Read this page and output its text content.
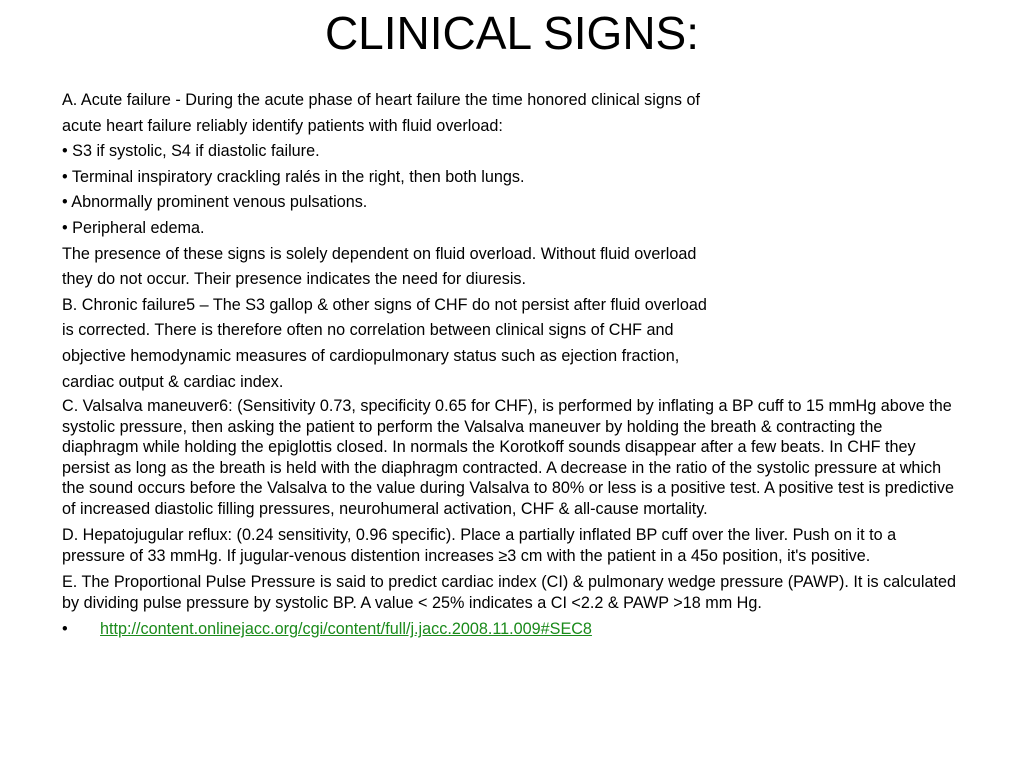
CLINICAL SIGNS:

A. Acute failure - During the acute phase of heart failure the time honored clinical signs of

acute heart failure reliably identify patients with fluid overload:

• S3 if systolic, S4 if diastolic failure.

• Terminal inspiratory crackling ralés in the right, then both lungs.

• Abnormally prominent venous pulsations.

• Peripheral edema.

The presence of these signs is solely dependent on fluid overload. Without fluid overload

they do not occur. Their presence indicates the need for diuresis.

B. Chronic failure5 – The S3 gallop & other signs of CHF do not persist after fluid overload

is corrected. There is therefore often no correlation between clinical signs of CHF and

objective hemodynamic measures of cardiopulmonary status such as ejection fraction,

cardiac output & cardiac index.

C. Valsalva maneuver6: (Sensitivity 0.73, specificity 0.65 for CHF), is performed by inflating a BP cuff to 15 mmHg above the systolic pressure, then asking the patient to perform the Valsalva maneuver by holding the breath & contracting the diaphragm while holding the epiglottis closed. In normals the Korotkoff sounds disappear after a few beats. In CHF they persist as long as the breath is held with the diaphragm contracted. A decrease in the ratio of the systolic pressure at which the sound occurs before the Valsalva to the value during Valsalva to 80% or less is a positive test. A positive test is predictive of increased diastolic filling pressures, neurohumeral activation, CHF & all-cause mortality.

D. Hepatojugular reflux: (0.24 sensitivity, 0.96 specific). Place a partially inflated BP cuff over the liver. Push on it to a pressure of 33 mmHg. If jugular-venous distention increases ≥3 cm with the patient in a 45o position, it's positive.

E. The Proportional Pulse Pressure is said to predict cardiac index (CI) & pulmonary wedge pressure (PAWP). It is calculated by dividing pulse pressure by systolic BP. A value < 25% indicates a CI <2.2 & PAWP >18 mm Hg.

• http://content.onlinejacc.org/cgi/content/full/j.jacc.2008.11.009#SEC8
